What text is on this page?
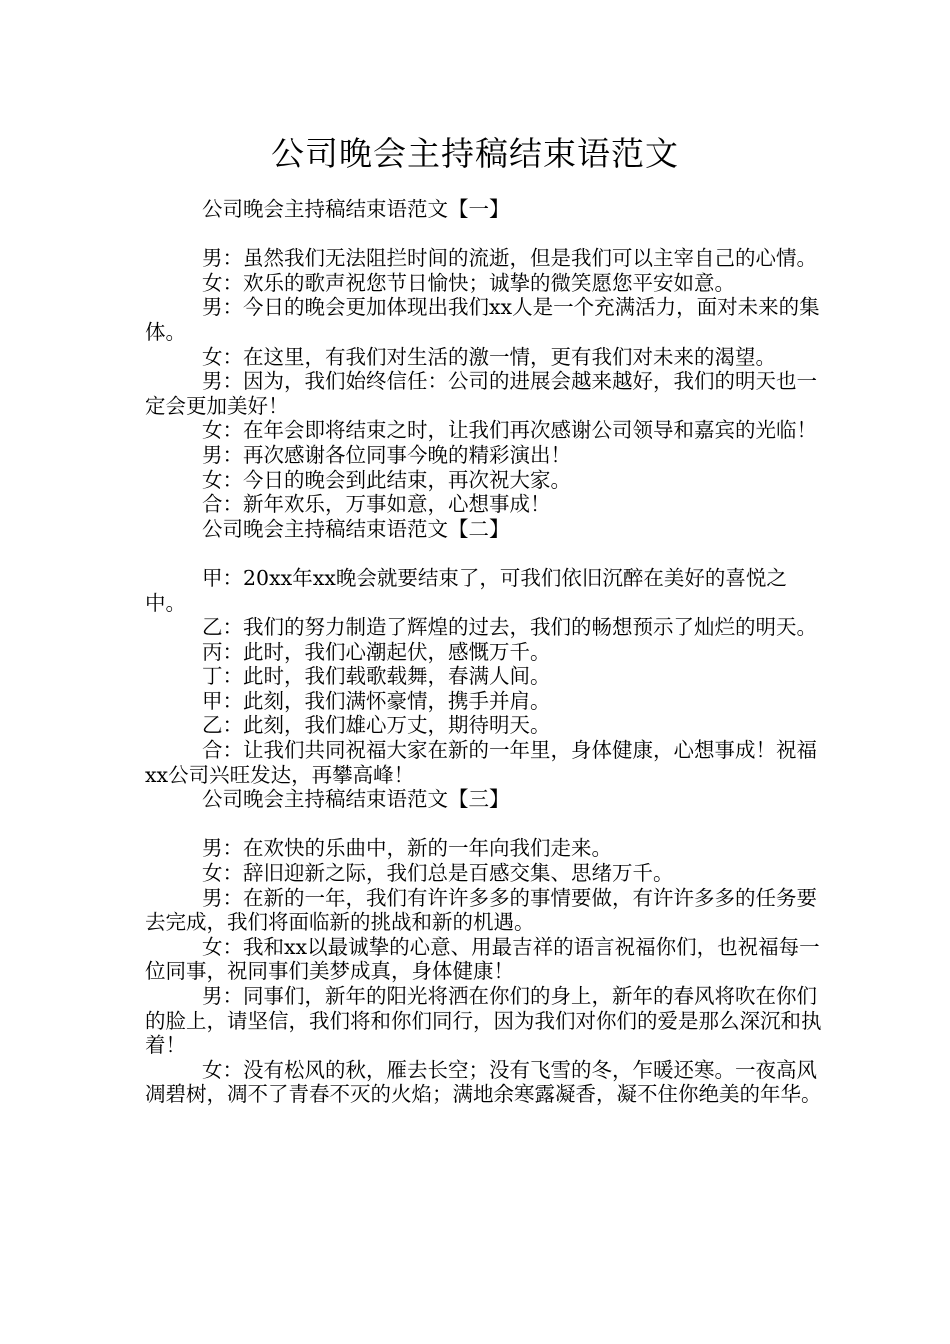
公司晚会主持稿结束语范文

公司晚会主持稿结束语范文【一】

男：虽然我们无法阻拦时间的流逝，但是我们可以主宰自己的心情。

女：欢乐的歌声祝您节日愉快；诚挚的微笑愿您平安如意。

男：今日的晚会更加体现出我们xx人是一个充满活力，面对未来的集体。

女：在这里，有我们对生活的激一情，更有我们对未来的渴望。

男：因为，我们始终信任：公司的进展会越来越好，我们的明天也一定会更加美好！

女：在年会即将结束之时，让我们再次感谢公司领导和嘉宾的光临！

男：再次感谢各位同事今晚的精彩演出！

女：今日的晚会到此结束，再次祝大家。

合：新年欢乐，万事如意，心想事成！

公司晚会主持稿结束语范文【二】

甲：20xx年xx晚会就要结束了，可我们依旧沉醉在美好的喜悦之中。

乙：我们的努力制造了辉煌的过去，我们的畅想预示了灿烂的明天。

丙：此时，我们心潮起伏，感慨万千。

丁：此时，我们载歌载舞，春满人间。

甲：此刻，我们满怀豪情，携手并肩。

乙：此刻，我们雄心万丈，期待明天。

合：让我们共同祝福大家在新的一年里，身体健康，心想事成！祝福xx公司兴旺发达，再攀高峰！

公司晚会主持稿结束语范文【三】

男：在欢快的乐曲中，新的一年向我们走来。

女：辞旧迎新之际，我们总是百感交集、思绪万千。

男：在新的一年，我们有许许多多的事情要做，有许许多多的任务要去完成，我们将面临新的挑战和新的机遇。

女：我和xx以最诚挚的心意、用最吉祥的语言祝福你们，也祝福每一位同事，祝同事们美梦成真，身体健康！

男：同事们，新年的阳光将洒在你们的身上，新年的春风将吹在你们的脸上，请坚信，我们将和你们同行，因为我们对你们的爱是那么深沉和执着！

女：没有松风的秋，雁去长空；没有飞雪的冬，乍暖还寒。一夜高风凋碧树，凋不了青春不灭的火焰；满地余寒露凝香，凝不住你绝美的年华。
